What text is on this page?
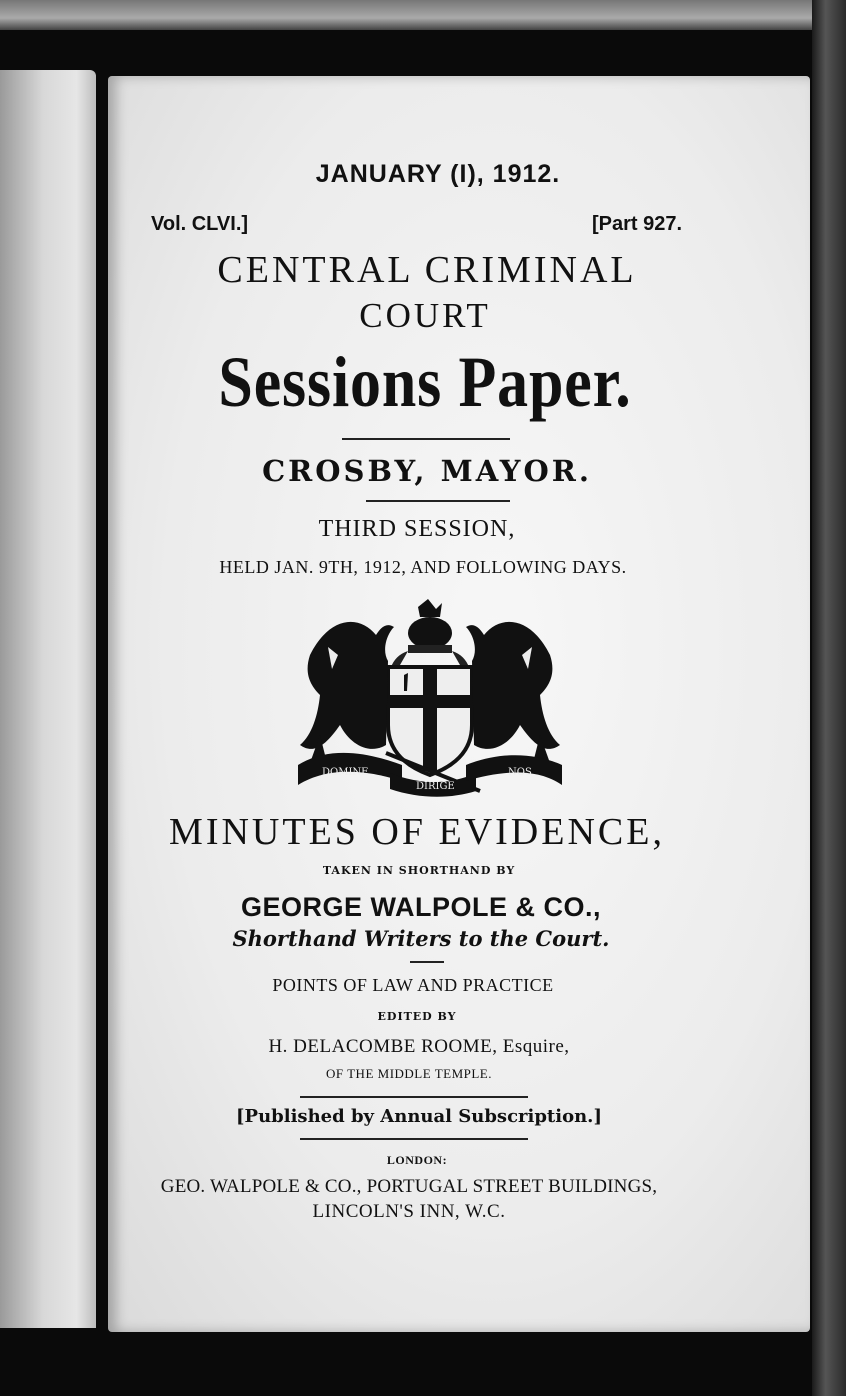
JANUARY (I), 1912.

Vol. CLVI.]	[Part 927.

CENTRAL CRIMINAL

COURT

Sessions Paper.

CROSBY, MAYOR.

THIRD SESSION,

HELD JAN. 9TH, 1912, AND FOLLOWING DAYS.

DOMINE
DIRIGE
NOS

MINUTES OF EVIDENCE,

TAKEN IN SHORTHAND BY

GEORGE WALPOLE & CO.,

Shorthand Writers to the Court.

POINTS OF LAW AND PRACTICE

EDITED BY

H. DELACOMBE ROOME, Esquire,

OF THE MIDDLE TEMPLE.

[Published by Annual Subscription.]

LONDON:

GEO. WALPOLE & CO., PORTUGAL STREET BUILDINGS,

LINCOLN'S INN, W.C.
